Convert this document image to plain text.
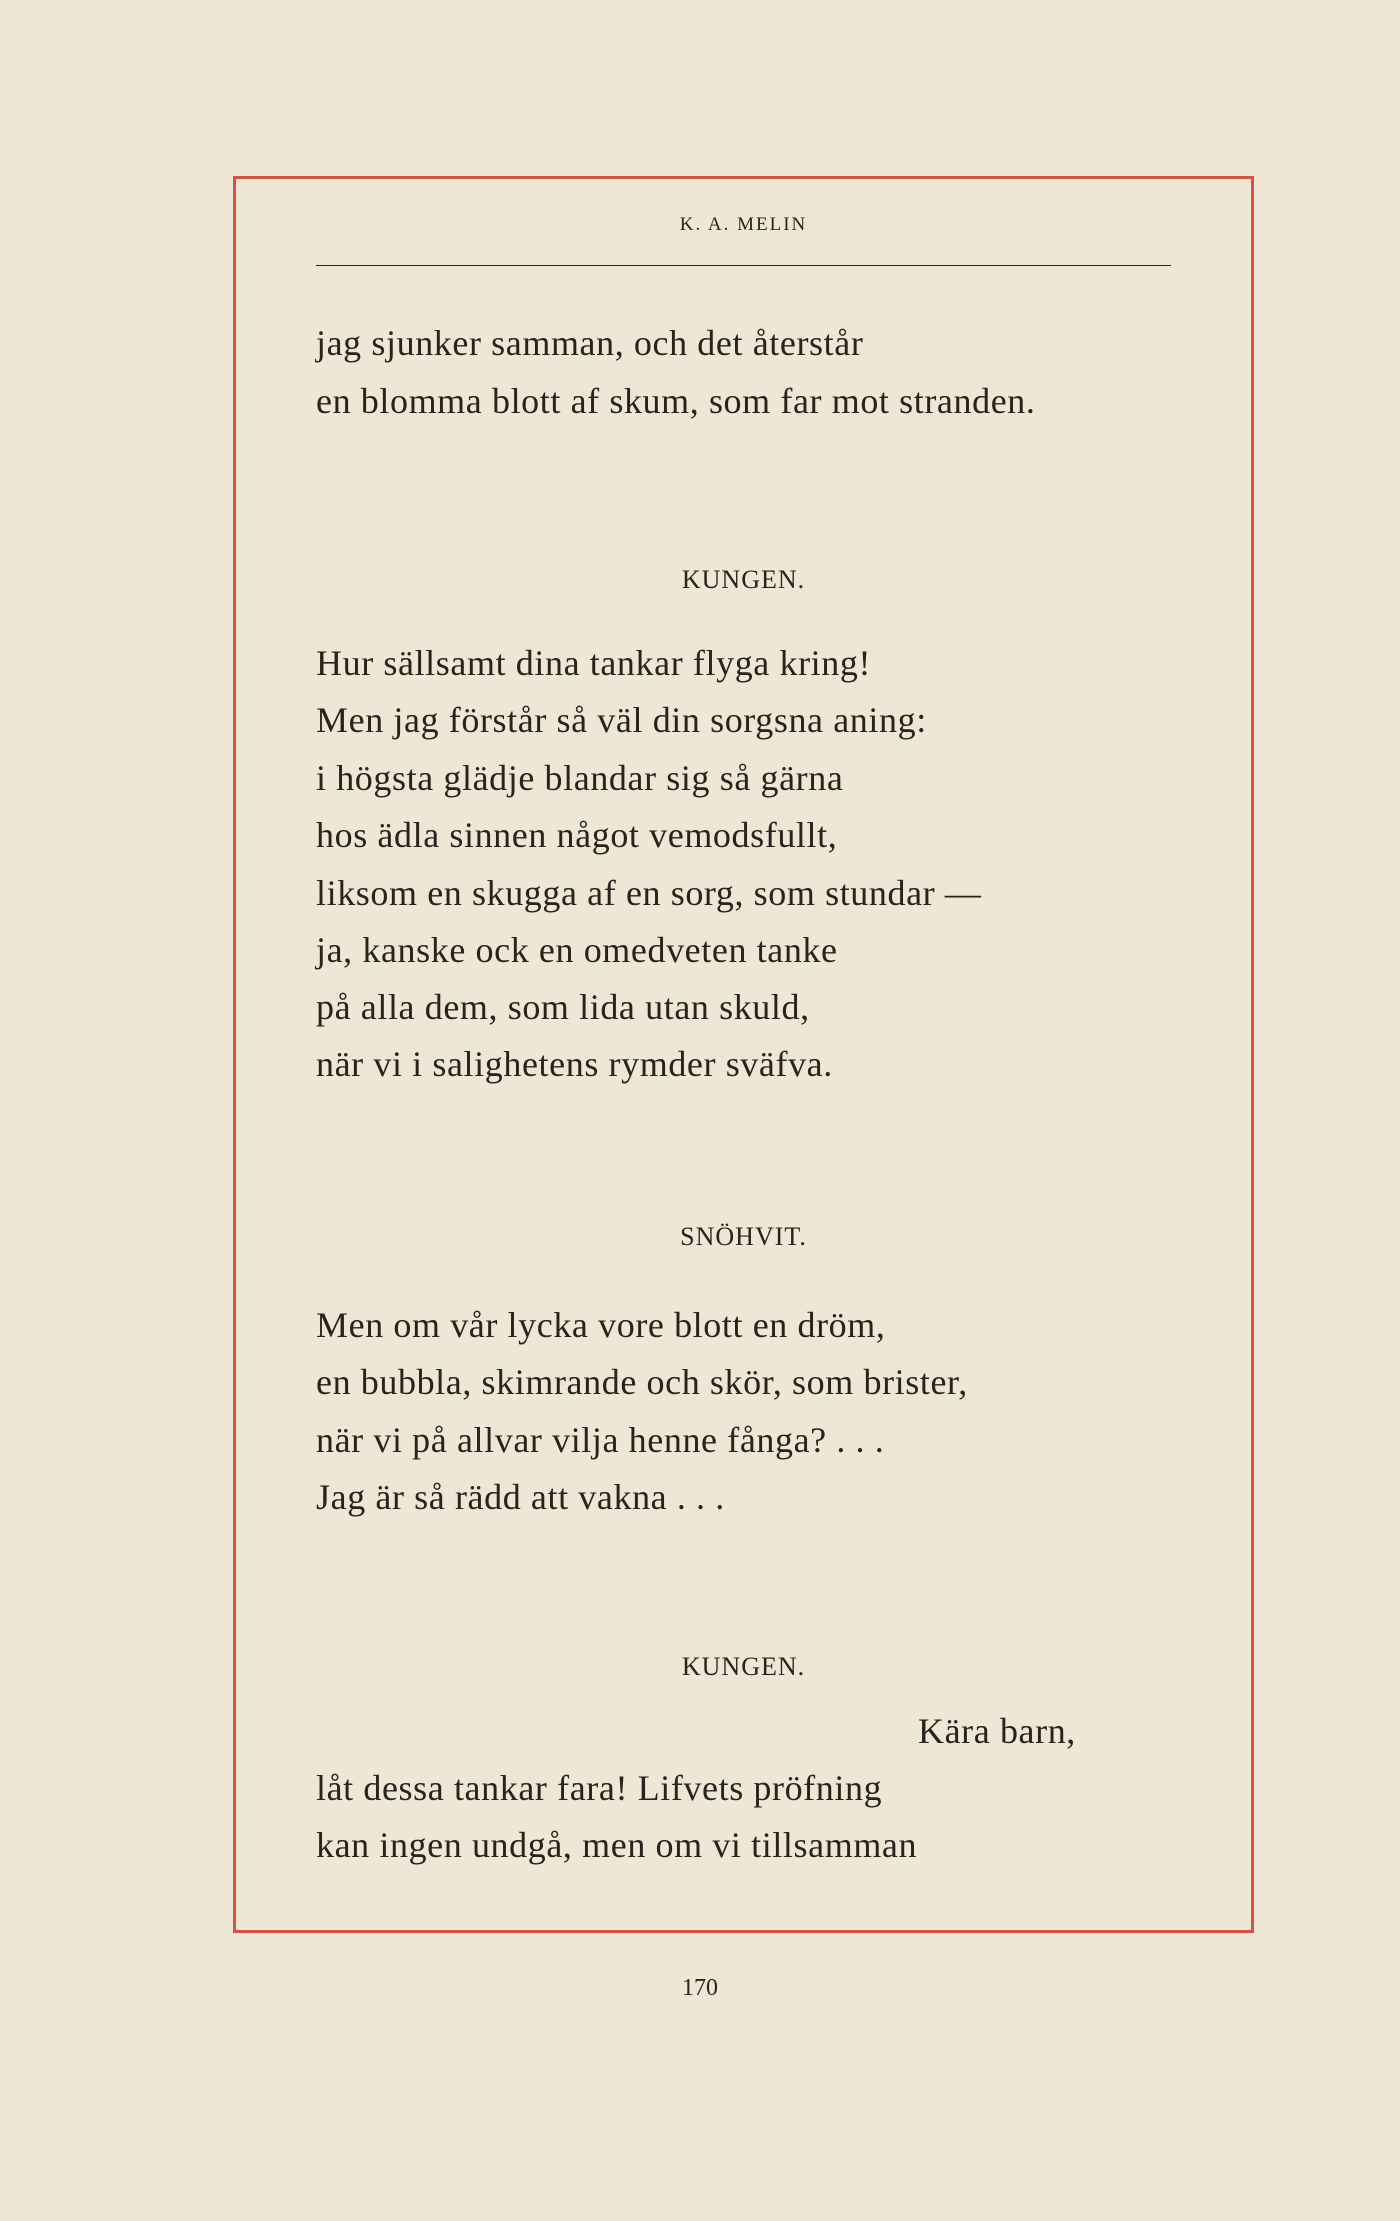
K. A. MELIN
jag sjunker samman, och det återstår
en blomma blott af skum, som far mot stranden.
KUNGEN.
Hur sällsamt dina tankar flyga kring!
Men jag förstår så väl din sorgsna aning:
i högsta glädje blandar sig så gärna
hos ädla sinnen något vemodsfullt,
liksom en skugga af en sorg, som stundar —
ja, kanske ock en omedveten tanke
på alla dem, som lida utan skuld,
när vi i salighetens rymder sväfva.
SNÖHVIT.
Men om vår lycka vore blott en dröm,
en bubbla, skimrande och skör, som brister,
när vi på allvar vilja henne fånga? . . .
Jag är så rädd att vakna . . .
KUNGEN.
Kära barn,
låt dessa tankar fara! Lifvets pröfning
kan ingen undgå, men om vi tillsamman
170
